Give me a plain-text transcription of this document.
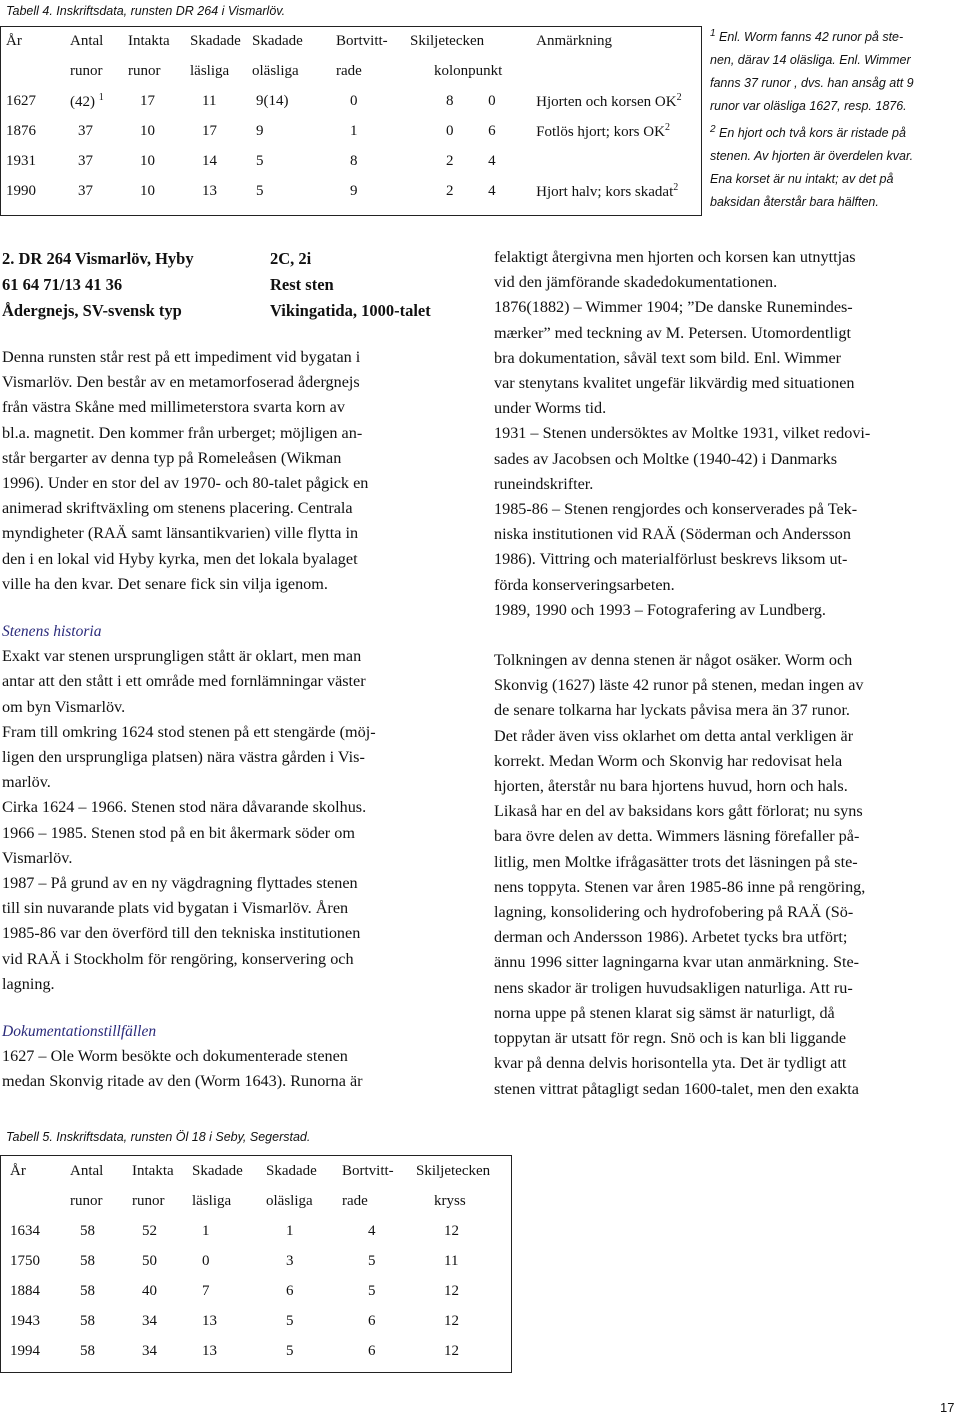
Tabell 4. Inskriftsdata, runsten DR 264 i Vismarlöv.
År	Antal	Intakta	Skadade	Skadade	Bortvitt-	Skiljetecken		Anmärkning
	runor	runor	läsliga	oläsliga	rade	kolon	punkt	
1627	(42) $^1$	17	11	9(14)	0	8	0	Hjorten och korsen $OK^2$
1876	37	10	17	9	1	0	6	Fotlös hjort; kors $OK^2$
1931	37	10	14	5	8	2	4	
1990	37	10	13	5	9	2	4	Hjort halv; kors skadat$^2$
$^1$ Enl. Worm fanns 42 runor på ste-
nen, därav 14 oläsliga. Enl. Wimmer
fanns 37 runor , dvs. han ansåg att 9
runor var oläsliga 1627, resp. 1876.
$^2$ En hjort och två kors är ristade på
stenen. Av hjorten är överdelen kvar.
Ena korset är nu intakt; av det på
baksidan återstår bara hälften.
2. DR 264 Vismarlöv, Hyby	2C, 2i
61 64 71/13 41 36	Rest sten
Ådergnejs, SV-svensk typ	Vikingatida, 1000-talet

Denna runsten står rest på ett impediment vid bygatan i

Vismarlöv. Den består av en metamorfoserad ådergnejs

från västra Skåne med millimeterstora svarta korn av

bl.a. magnetit. Den kommer från urberget; möjligen an-

står bergarter av denna typ på Romeleåsen (Wikman

1996). Under en stor del av 1970- och 80-talet pågick en

animerad skriftväxling om stenens placering. Centrala

myndigheter (RAÄ samt länsantikvarien) ville flytta in

den i en lokal vid Hyby kyrka, men det lokala byalaget

ville ha den kvar. Det senare fick sin vilja igenom.

Stenens historia

Exakt var stenen ursprungligen stått är oklart, men man

antar att den stått i ett område med fornlämningar väster

om byn Vismarlöv.

Fram till omkring 1624 stod stenen på ett stengärde (möj-

ligen den ursprungliga platsen) nära västra gården i Vis-

marlöv.

Cirka 1624 – 1966. Stenen stod nära dåvarande skolhus.

1966 – 1985. Stenen stod på en bit åkermark söder om

Vismarlöv.

1987 – På grund av en ny vägdragning flyttades stenen

till sin nuvarande plats vid bygatan i Vismarlöv. Åren

1985-86 var den överförd till den tekniska institutionen

vid RAÄ i Stockholm för rengöring, konservering och

lagning.

Dokumentationstillfällen

1627 – Ole Worm besökte och dokumenterade stenen

medan Skonvig ritade av den (Worm 1643). Runorna är

felaktigt återgivna men hjorten och korsen kan utnyttjas

vid den jämförande skadedokumentationen.

1876(1882) – Wimmer 1904; ”De danske Runemindes-

mærker” med teckning av M. Petersen. Utomordentligt

bra dokumentation, såväl text som bild. Enl. Wimmer

var stenytans kvalitet ungefär likvärdig med situationen

under Worms tid.

1931 – Stenen undersöktes av Moltke 1931, vilket redovi-

sades av Jacobsen och Moltke (1940-42) i Danmarks

runeindskrifter.

1985-86 – Stenen rengjordes och konserverades på Tek-

niska institutionen vid RAÄ (Söderman och Andersson

1986). Vittring och materialförlust beskrevs liksom ut-

förda konserveringsarbeten.

1989, 1990 och 1993 – Fotografering av Lundberg.

Tolkningen av denna stenen är något osäker. Worm och

Skonvig (1627) läste 42 runor på stenen, medan ingen av

de senare tolkarna har lyckats påvisa mera än 37 runor.

Det råder även viss oklarhet om detta antal verkligen är

korrekt. Medan Worm och Skonvig har redovisat hela

hjorten, återstår nu bara hjortens huvud, horn och hals.

Likaså har en del av baksidans kors gått förlorat; nu syns

bara övre delen av detta. Wimmers läsning förefaller på-

litlig, men Moltke ifrågasätter trots det läsningen på ste-

nens toppyta. Stenen var åren 1985-86 inne på rengöring,

lagning, konsolidering och hydrofobering på RAÄ (Sö-

derman och Andersson 1986). Arbetet tycks bra utfört;

ännu 1996 sitter lagningarna kvar utan anmärkning. Ste-

nens skador är troligen huvudsakligen naturliga. Att ru-

norna uppe på stenen klarat sig sämst är naturligt, då

toppytan är utsatt för regn. Snö och is kan bli liggande

kvar på denna delvis horisontella yta. Det är tydligt att

stenen vittrat påtagligt sedan 1600-talet, men den exakta

Tabell 5. Inskriftsdata, runsten Öl 18 i Seby, Segerstad.
År	Antal	Intakta	Skadade	Skadade	Bortvitt-	Skiljetecken
	runor	runor	läsliga	oläsliga	rade	kryss
1634	58	52	1	1	4	12
1750	58	50	0	3	5	11
1884	58	40	7	6	5	12
1943	58	34	13	5	6	12
1994	58	34	13	5	6	12
17
